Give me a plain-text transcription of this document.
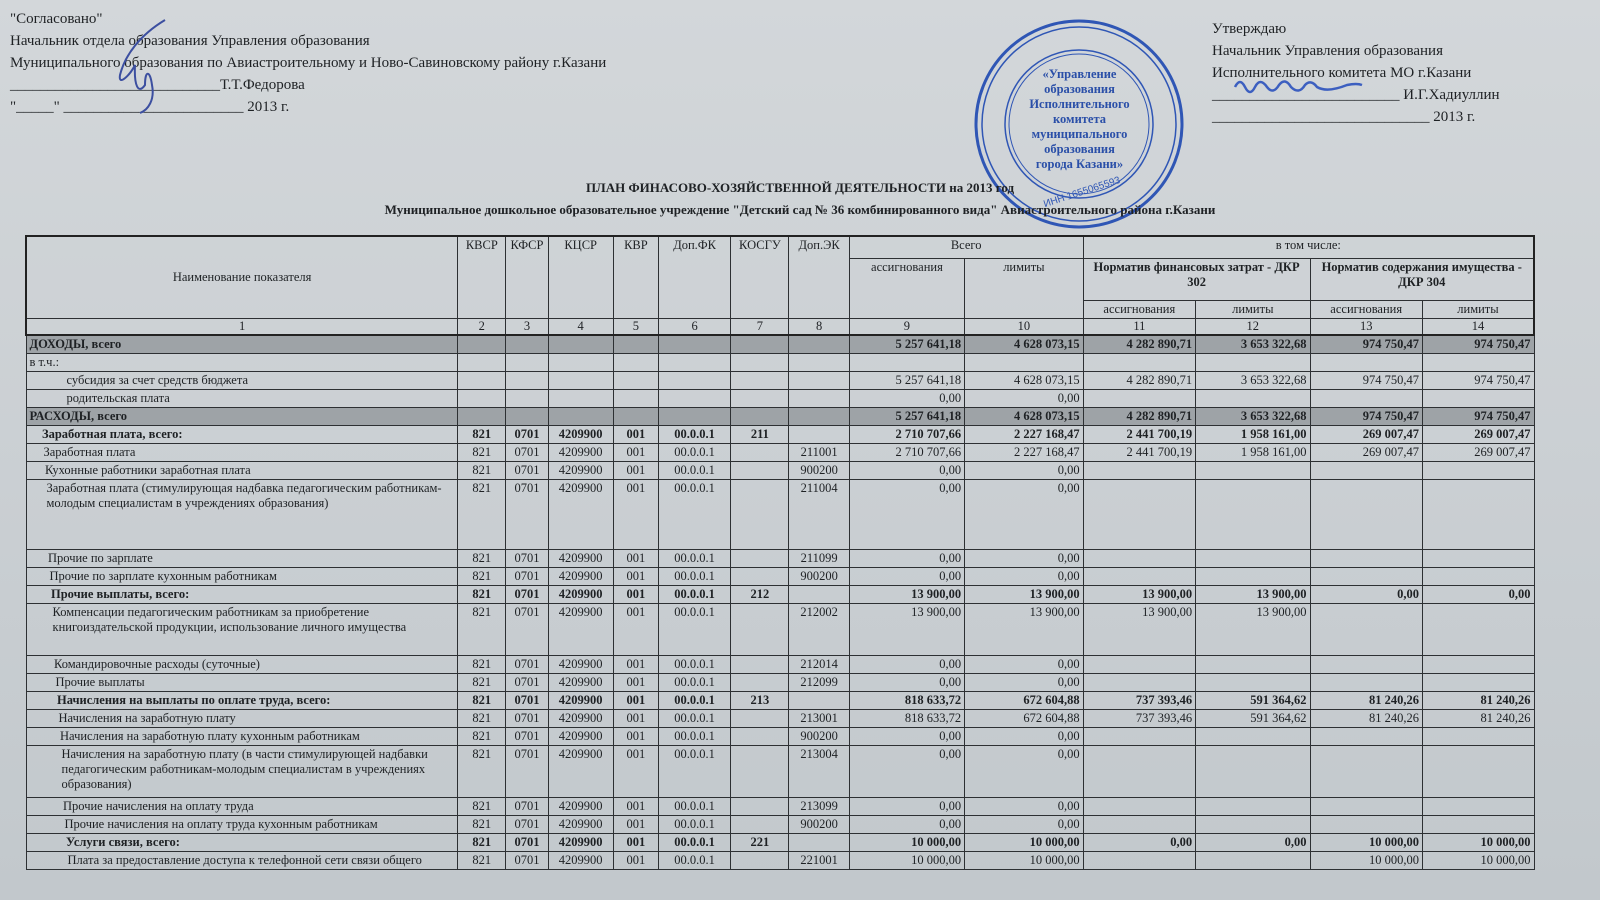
"Согласовано"
Начальник отдела образования Управления образования
Муниципального образования по Авиастроительному и Ново-Савиновскому району г.Казани
____________________________Т.Т.Федорова
"_____" ________________________ 2013 г.
Утверждаю
Начальник Управления образования
Исполнительного комитета МО г.Казани
_________________________ И.Г.Хадиуллин
_____________________________ 2013 г.
«Управление
образования
Исполнительного
комитета
муниципального
образования
города Казани»
ИНН 1655065593
ПЛАН ФИНАСОВО-ХОЗЯЙСТВЕННОЙ ДЕЯТЕЛЬНОСТИ на 2013 год
Муниципальное дошкольное образовательное учреждение "Детский сад № 36 комбинированного вида" Авиастроительного района г.Казани
Наименование показателя	КВСР	КФСР	КЦСР	КВР	Доп.ФК	КОСГУ	Доп.ЭК	Всего		в том числе:			
								ассигнования	лимиты	Норматив финансовых затрат - ДКР 302		Норматив содержания имущества - ДКР 304	
										ассигнования	лимиты	ассигнования	лимиты
1	2	3	4	5	6	7	8	9	10	11	12	13	14
ДОХОДЫ, всего								5 257 641,18	4 628 073,15	4 282 890,71	3 653 322,68	974 750,47	974 750,47
в т.ч.:													
субсидия за счет средств бюджета								5 257 641,18	4 628 073,15	4 282 890,71	3 653 322,68	974 750,47	974 750,47
родительская плата								0,00	0,00				
РАСХОДЫ, всего								5 257 641,18	4 628 073,15	4 282 890,71	3 653 322,68	974 750,47	974 750,47
Заработная плата, всего:	821	0701	4209900	001	00.0.0.1	211		2 710 707,66	2 227 168,47	2 441 700,19	1 958 161,00	269 007,47	269 007,47
Заработная плата	821	0701	4209900	001	00.0.0.1		211001	2 710 707,66	2 227 168,47	2 441 700,19	1 958 161,00	269 007,47	269 007,47
Кухонные работники заработная плата	821	0701	4209900	001	00.0.0.1		900200	0,00	0,00				
Заработная плата (стимулирующая надбавка педагогическим работникам-молодым специалистам в учреждениях образования)	821	0701	4209900	001	00.0.0.1		211004	0,00	0,00				
Прочие по зарплате	821	0701	4209900	001	00.0.0.1		211099	0,00	0,00				
Прочие по зарплате кухонным работникам	821	0701	4209900	001	00.0.0.1		900200	0,00	0,00				
Прочие выплаты, всего:	821	0701	4209900	001	00.0.0.1	212		13 900,00	13 900,00	13 900,00	13 900,00	0,00	0,00
Компенсации педагогическим работникам за приобретение книгоиздательской продукции, использование личного имущества	821	0701	4209900	001	00.0.0.1		212002	13 900,00	13 900,00	13 900,00	13 900,00		
Командировочные расходы (суточные)	821	0701	4209900	001	00.0.0.1		212014	0,00	0,00				
Прочие выплаты	821	0701	4209900	001	00.0.0.1		212099	0,00	0,00				
Начисления на выплаты по оплате труда, всего:	821	0701	4209900	001	00.0.0.1	213		818 633,72	672 604,88	737 393,46	591 364,62	81 240,26	81 240,26
Начисления на заработную плату	821	0701	4209900	001	00.0.0.1		213001	818 633,72	672 604,88	737 393,46	591 364,62	81 240,26	81 240,26
Начисления на заработную плату кухонным работникам	821	0701	4209900	001	00.0.0.1		900200	0,00	0,00				
Начисления на заработную плату (в части стимулирующей надбавки педагогическим работникам-молодым специалистам в учреждениях образования)	821	0701	4209900	001	00.0.0.1		213004	0,00	0,00				
Прочие начисления на оплату труда	821	0701	4209900	001	00.0.0.1		213099	0,00	0,00				
Прочие начисления на оплату труда кухонным работникам	821	0701	4209900	001	00.0.0.1		900200	0,00	0,00				
Услуги связи, всего:	821	0701	4209900	001	00.0.0.1	221		10 000,00	10 000,00	0,00	0,00	10 000,00	10 000,00
Плата за предоставление доступа к телефонной сети связи общего	821	0701	4209900	001	00.0.0.1		221001	10 000,00	10 000,00			10 000,00	10 000,00
